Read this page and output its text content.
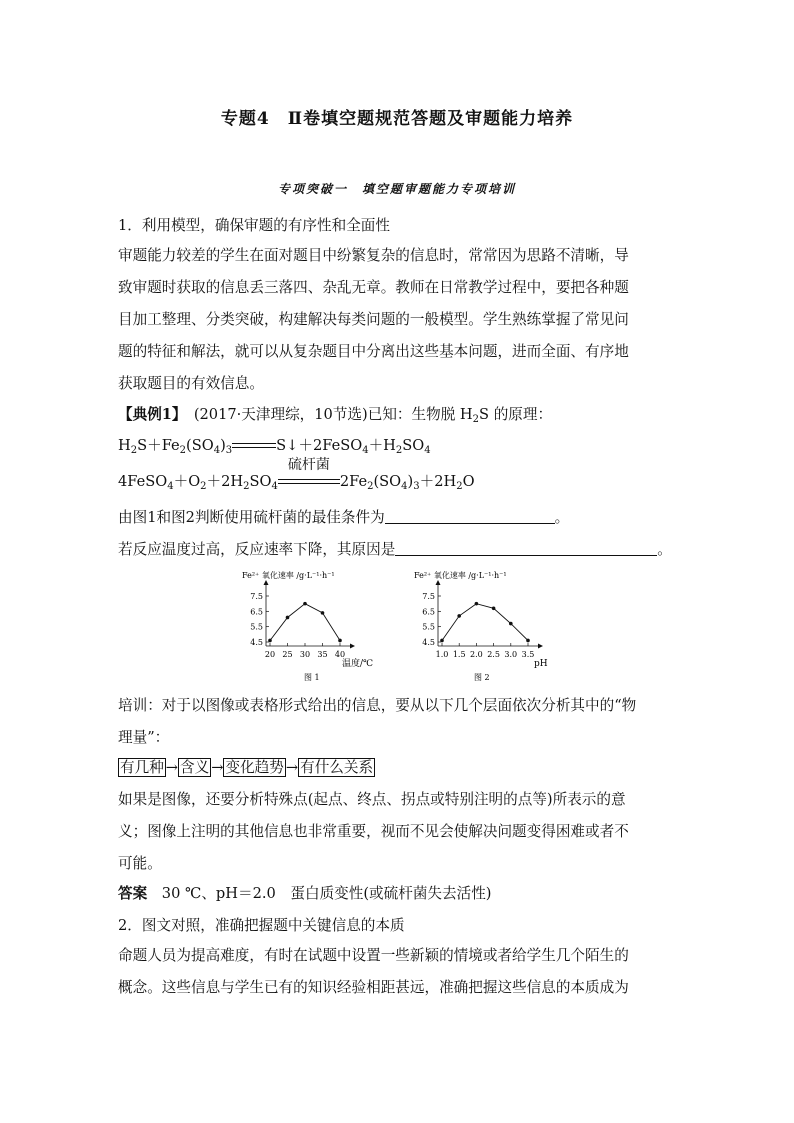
专题4　Ⅱ卷填空题规范答题及审题能力培养
专项突破一　填空题审题能力专项培训
1．利用模型，确保审题的有序性和全面性
审题能力较差的学生在面对题目中纷繁复杂的信息时，常常因为思路不清晰，导
致审题时获取的信息丢三落四、杂乱无章。教师在日常教学过程中，要把各种题
目加工整理、分类突破，构建解决每类问题的一般模型。学生熟练掌握了常见问
题的特征和解法，就可以从复杂题目中分离出这些基本问题，进而全面、有序地
获取题目的有效信息。
【典例1】　(2017·天津理综，10节选)已知：生物脱 $H_2S$ 的原理：
$H_2S+Fe_2(SO_4)_3$	$S↓+2FeSO_4+H_2SO_4$
$4FeSO_4+O_2+2H_2SO_4$
硫杆菌
$2Fe_2(SO_4)_3+2H_2O$
由图1和图2判断使用硫杆菌的最佳条件为	。
若反应温度过高，反应速率下降，其原因是	。
Fe²⁺ 氧化速率 /g·L⁻¹·h⁻¹
7.5
6.5
5.5
4.5
20 25 30 35 40
温度/℃
图 1
Fe²⁺ 氧化速率 /g·L⁻¹·h⁻¹
7.5
6.5
5.5
4.5
1.0 1.5 2.0 2.5 3.0 3.5
pH
图 2
培训：对于以图像或表格形式给出的信息，要从以下几个层面依次分析其中的“物
理量”：
有几种 → 含义 → 变化趋势 → 有什么关系
如果是图像，还要分析特殊点(起点、终点、拐点或特别注明的点等)所表示的意
义；图像上注明的其他信息也非常重要，视而不见会使解决问题变得困难或者不
可能。
答案　30 ℃、pH＝2.0　蛋白质变性(或硫杆菌失去活性)
2．图文对照，准确把握题中关键信息的本质
命题人员为提高难度，有时在试题中设置一些新颖的情境或者给学生几个陌生的
概念。这些信息与学生已有的知识经验相距甚远，准确把握这些信息的本质成为
